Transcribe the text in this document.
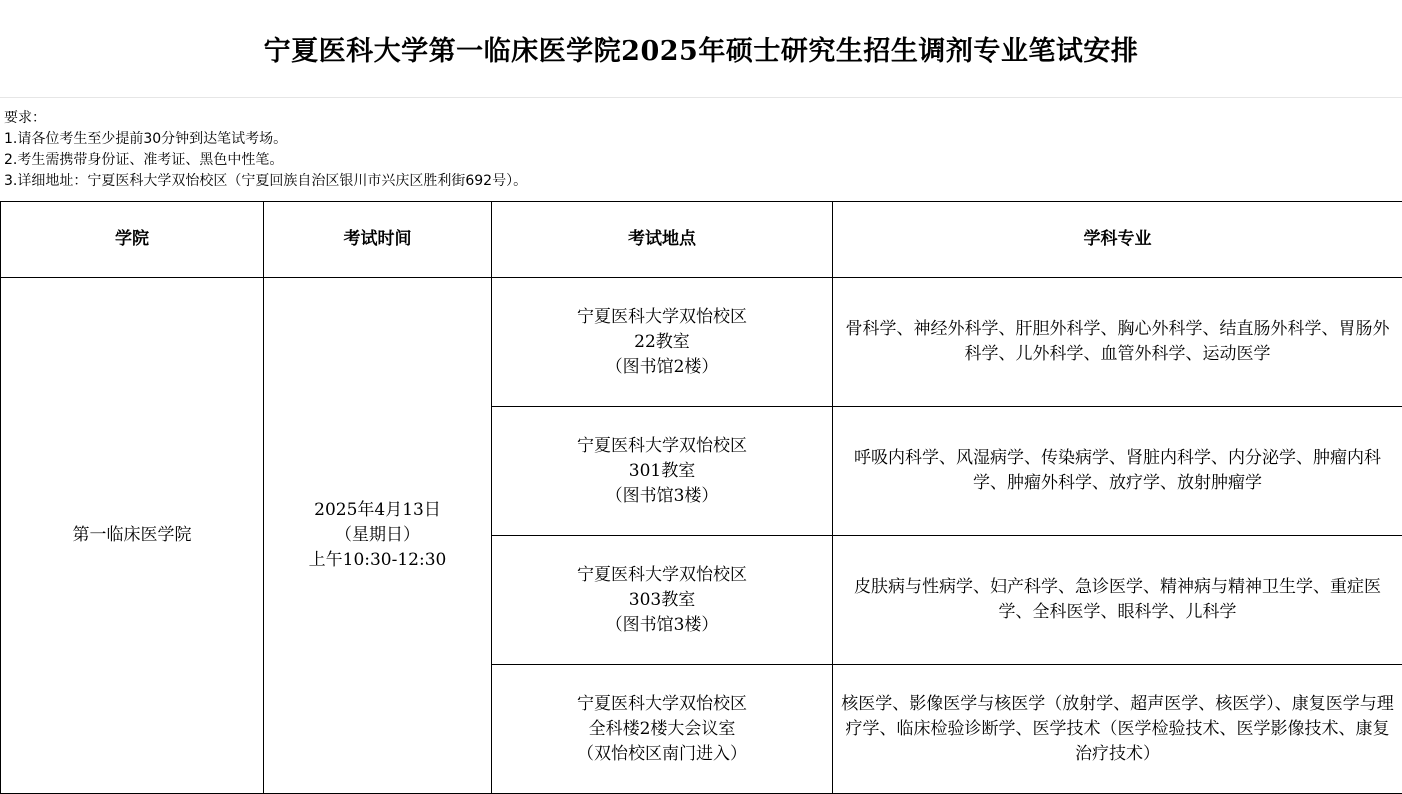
宁夏医科大学第一临床医学院2025年硕士研究生招生调剂专业笔试安排
要求：
1.请各位考生至少提前30分钟到达笔试考场。
2.考生需携带身份证、准考证、黑色中性笔。
3.详细地址：宁夏医科大学双怡校区（宁夏回族自治区银川市兴庆区胜利街692号）。
学院	考试时间	考试地点	学科专业
第一临床医学院	2025年4月13日
（星期日）
上午10:30-12:30	宁夏医科大学双怡校区
22教室
（图书馆2楼）	骨科学、神经外科学、肝胆外科学、胸心外科学、结直肠外科学、胃肠外科学、儿外科学、血管外科学、运动医学

		宁夏医科大学双怡校区
301教室
（图书馆3楼）	呼吸内科学、风湿病学、传染病学、肾脏内科学、内分泌学、肿瘤内科学、肿瘤外科学、放疗学、放射肿瘤学

		宁夏医科大学双怡校区
303教室
（图书馆3楼）	皮肤病与性病学、妇产科学、急诊医学、精神病与精神卫生学、重症医学、全科医学、眼科学、儿科学

		宁夏医科大学双怡校区
全科楼2楼大会议室
（双怡校区南门进入）	核医学、影像医学与核医学（放射学、超声医学、核医学）、康复医学与理疗学、临床检验诊断学、医学技术（医学检验技术、医学影像技术、康复治疗技术）
